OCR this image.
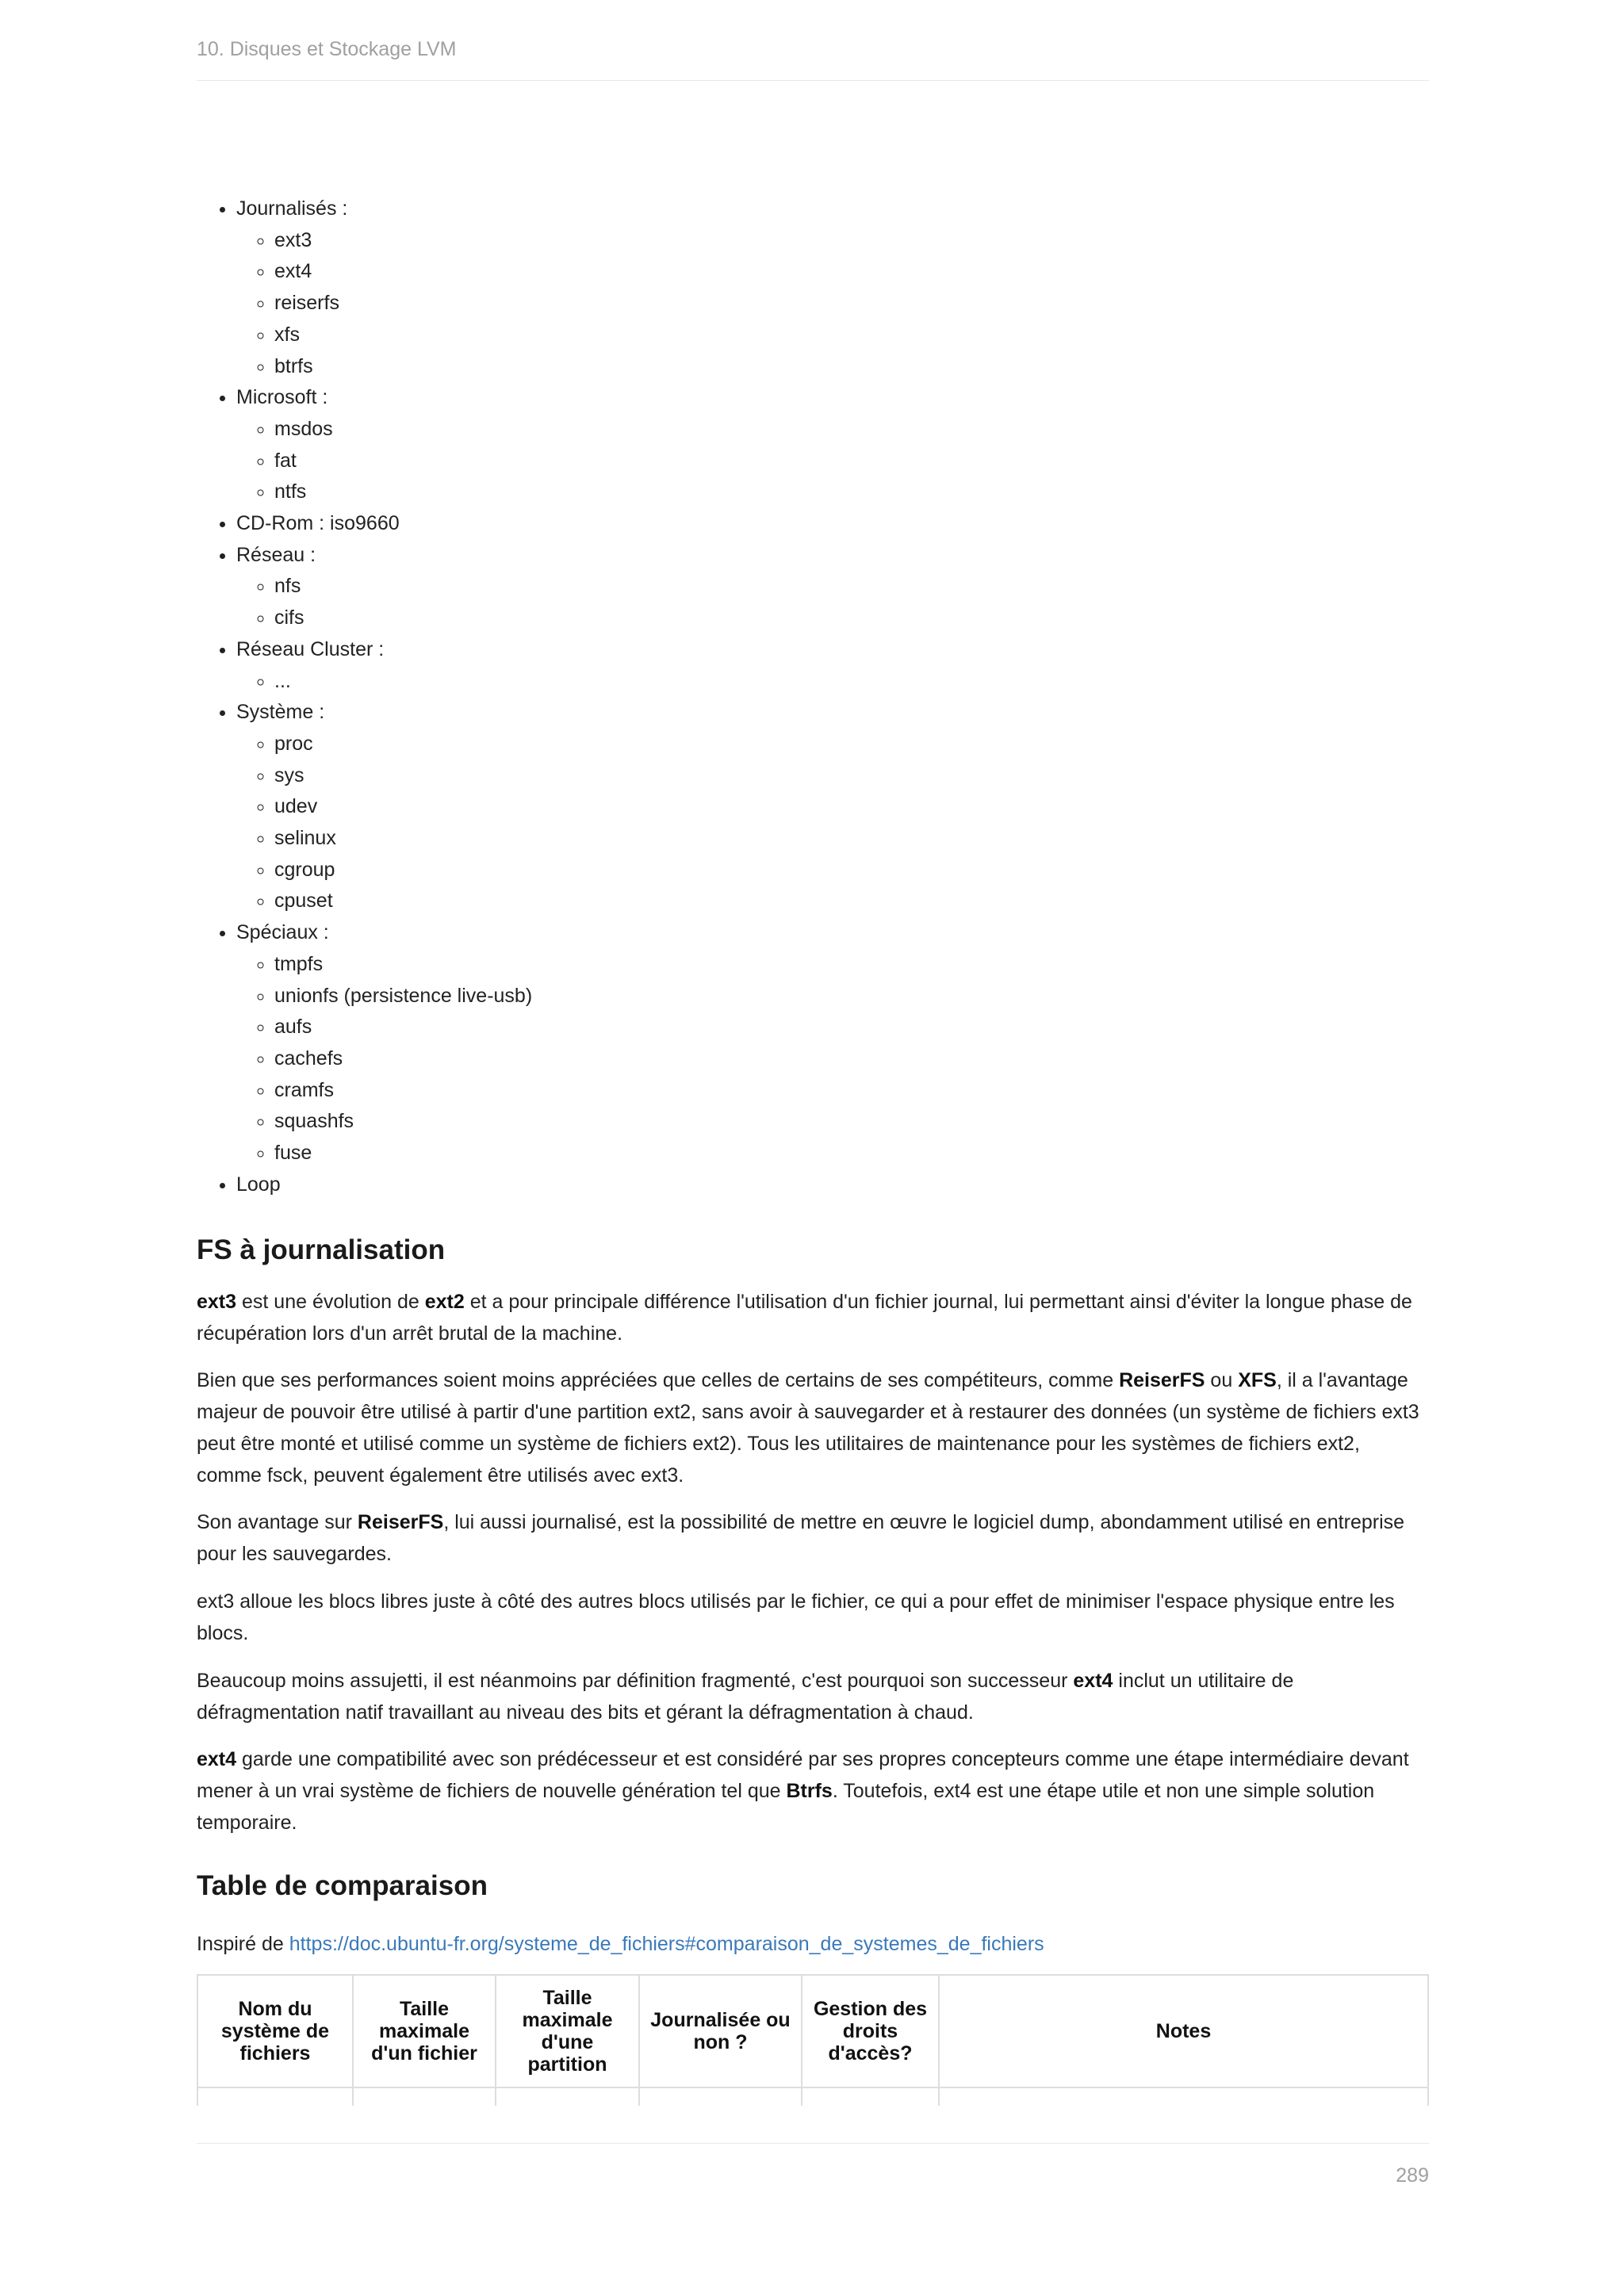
10. Disques et Stockage LVM
• Journalisés :
◦ ext3
◦ ext4
◦ reiserfs
◦ xfs
◦ btrfs
• Microsoft :
◦ msdos
◦ fat
◦ ntfs
• CD-Rom : iso9660
• Réseau :
◦ nfs
◦ cifs
• Réseau Cluster :
◦ ...
• Système :
◦ proc
◦ sys
◦ udev
◦ selinux
◦ cgroup
◦ cpuset
• Spéciaux :
◦ tmpfs
◦ unionfs (persistence live-usb)
◦ aufs
◦ cachefs
◦ cramfs
◦ squashfs
◦ fuse
• Loop
FS à journalisation

ext3 est une évolution de ext2 et a pour principale différence l'utilisation d'un fichier journal, lui permettant ainsi d'éviter la longue phase de récupération lors d'un arrêt brutal de la machine.

Bien que ses performances soient moins appréciées que celles de certains de ses compétiteurs, comme ReiserFS ou XFS, il a l'avantage majeur de pouvoir être utilisé à partir d'une partition ext2, sans avoir à sauvegarder et à restaurer des données (un système de fichiers ext3 peut être monté et utilisé comme un système de fichiers ext2). Tous les utilitaires de maintenance pour les systèmes de fichiers ext2, comme fsck, peuvent également être utilisés avec ext3.

Son avantage sur ReiserFS, lui aussi journalisé, est la possibilité de mettre en œuvre le logiciel dump, abondamment utilisé en entreprise pour les sauvegardes.

ext3 alloue les blocs libres juste à côté des autres blocs utilisés par le fichier, ce qui a pour effet de minimiser l'espace physique entre les blocs.

Beaucoup moins assujetti, il est néanmoins par définition fragmenté, c'est pourquoi son successeur ext4 inclut un utilitaire de défragmentation natif travaillant au niveau des bits et gérant la défragmentation à chaud.

ext4 garde une compatibilité avec son prédécesseur et est considéré par ses propres concepteurs comme une étape intermédiaire devant mener à un vrai système de fichiers de nouvelle génération tel que Btrfs. Toutefois, ext4 est une étape utile et non une simple solution temporaire.

Table de comparaison
Inspiré de https://doc.ubuntu-fr.org/systeme_de_fichiers#comparaison_de_systemes_de_fichiers
Nom du système de fichiers	Taille maximale d'un fichier	Taille maximale d'une partition	Journalisée ou non ?	Gestion des droits d'accès?	Notes

289
